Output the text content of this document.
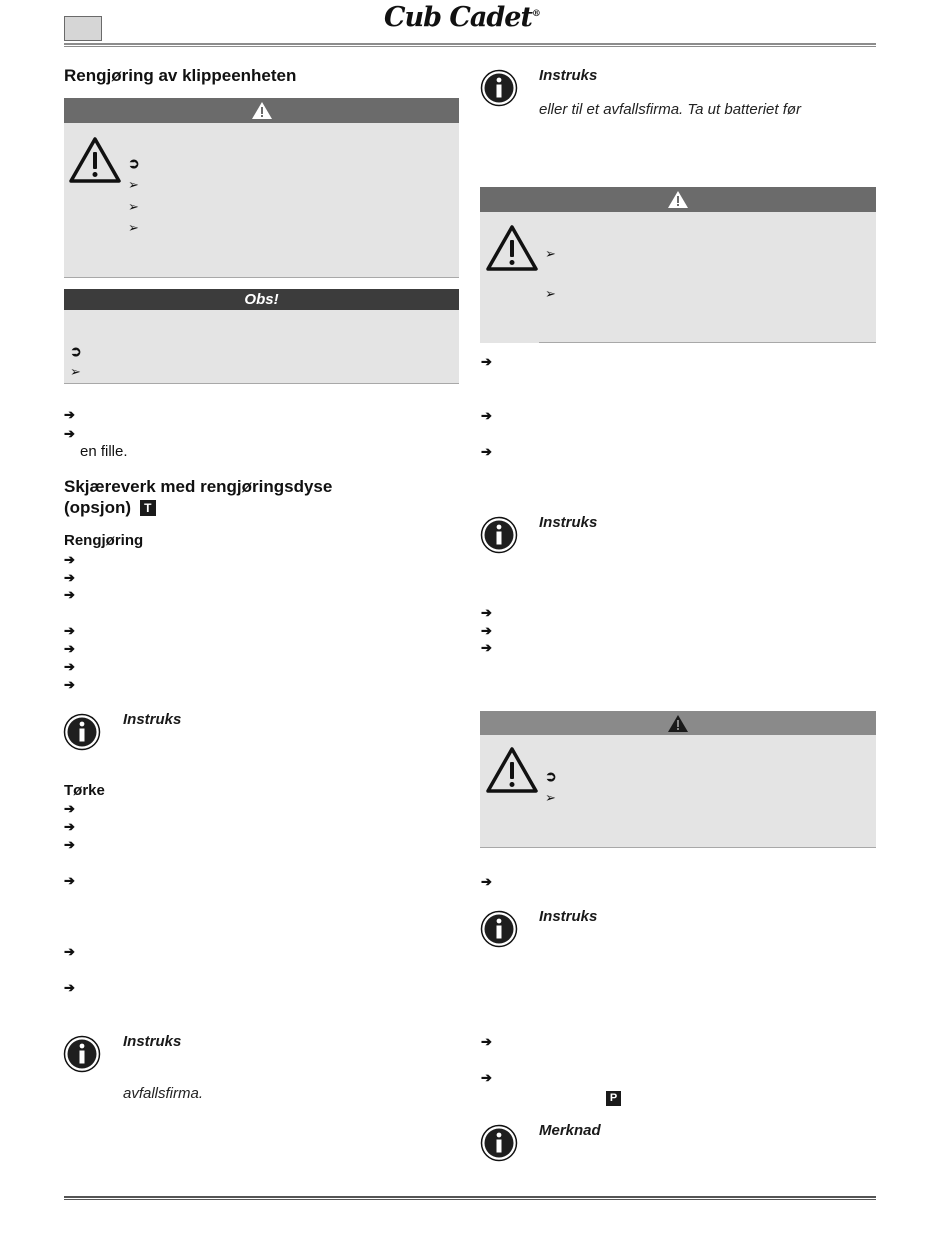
Cub Cadet®
Rengjøring av klippeenheten
➲
➢
➢
➢
Obs!
➲
➢
➔
➔
en fille.
Skjæreverk med rengjøringsdyse
(opsjon) T
Rengjøring
➔
➔
➔
➔
➔
➔
➔
Instruks
Tørke
➔
➔
➔
➔
➔
➔
Instruks
avfallsfirma.
Instruks
eller til et avfallsfirma. Ta ut batteriet før
➢
➢
➔
➔
➔
Instruks
➔
➔
➔
➲
➢
➔
Instruks
➔
➔
P
Merknad
